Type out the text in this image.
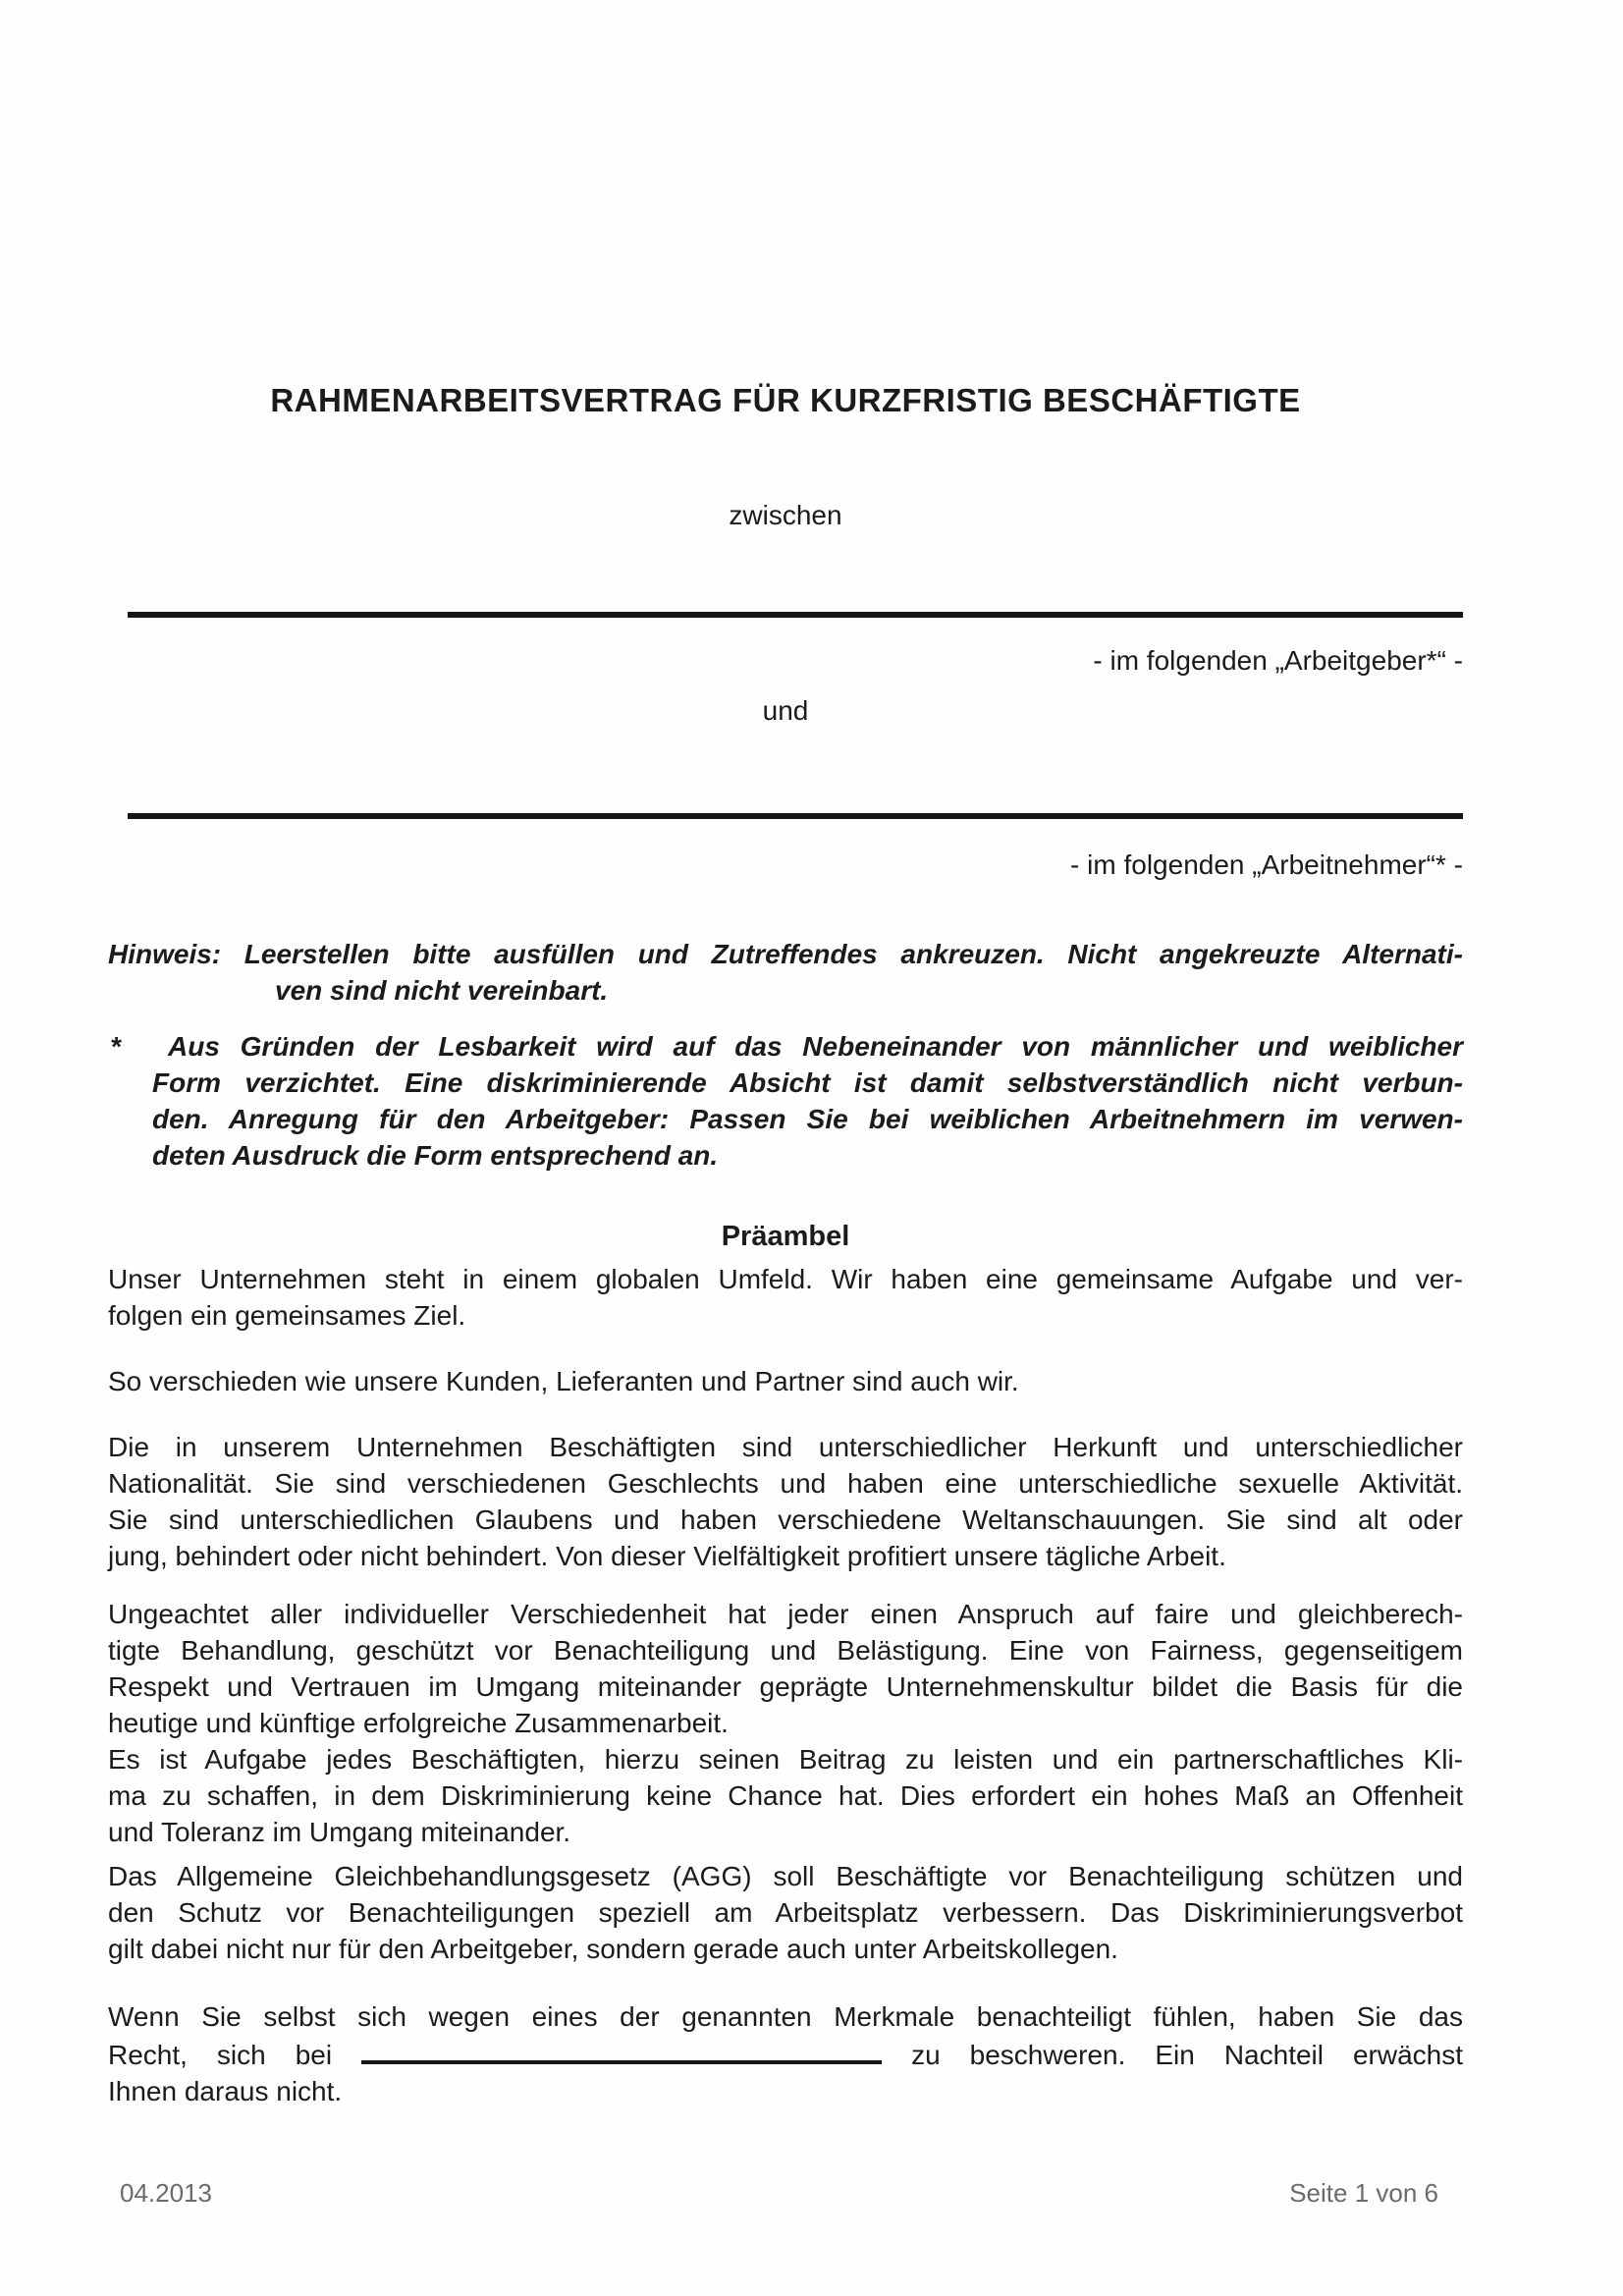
RAHMENARBEITSVERTRAG FÜR KURZFRISTIG BESCHÄFTIGTE
zwischen
- im folgenden „Arbeitgeber*“ -
und
- im folgenden „Arbeitnehmer“* -
Hinweis: Leerstellen bitte ausfüllen und Zutreffendes ankreuzen. Nicht angekreuzte Alternati-
ven sind nicht vereinbart.
*	Aus Gründen der Lesbarkeit wird auf das Nebeneinander von männlicher und weiblicher
Form verzichtet. Eine diskriminierende Absicht ist damit selbstverständlich nicht verbun-
den. Anregung für den Arbeitgeber: Passen Sie bei weiblichen Arbeitnehmern im verwen-
deten Ausdruck die Form entsprechend an.
Präambel
Unser Unternehmen steht in einem globalen Umfeld. Wir haben eine gemeinsame Aufgabe und ver-
folgen ein gemeinsames Ziel.
So verschieden wie unsere Kunden, Lieferanten und Partner sind auch wir.
Die in unserem Unternehmen Beschäftigten sind unterschiedlicher Herkunft und unterschiedlicher
Nationalität. Sie sind verschiedenen Geschlechts und haben eine unterschiedliche sexuelle Aktivität.
Sie sind unterschiedlichen Glaubens und haben verschiedene Weltanschauungen. Sie sind alt oder
jung, behindert oder nicht behindert. Von dieser Vielfältigkeit profitiert unsere tägliche Arbeit.
Ungeachtet aller individueller Verschiedenheit hat jeder einen Anspruch auf faire und gleichberech-
tigte Behandlung, geschützt vor Benachteiligung und Belästigung. Eine von Fairness, gegenseitigem
Respekt und Vertrauen im Umgang miteinander geprägte Unternehmenskultur bildet die Basis für die
heutige und künftige erfolgreiche Zusammenarbeit.
Es ist Aufgabe jedes Beschäftigten, hierzu seinen Beitrag zu leisten und ein partnerschaftliches Kli-
ma zu schaffen, in dem Diskriminierung keine Chance hat. Dies erfordert ein hohes Maß an Offenheit
und Toleranz im Umgang miteinander.
Das Allgemeine Gleichbehandlungsgesetz (AGG) soll Beschäftigte vor Benachteiligung schützen und
den Schutz vor Benachteiligungen speziell am Arbeitsplatz verbessern. Das Diskriminierungsverbot
gilt dabei nicht nur für den Arbeitgeber, sondern gerade auch unter Arbeitskollegen.
Wenn Sie selbst sich wegen eines der genannten Merkmale benachteiligt fühlen, haben Sie das
Recht, sich bei	zu beschweren. Ein Nachteil erwächst
Ihnen daraus nicht.
04.2013	Seite 1 von 6
